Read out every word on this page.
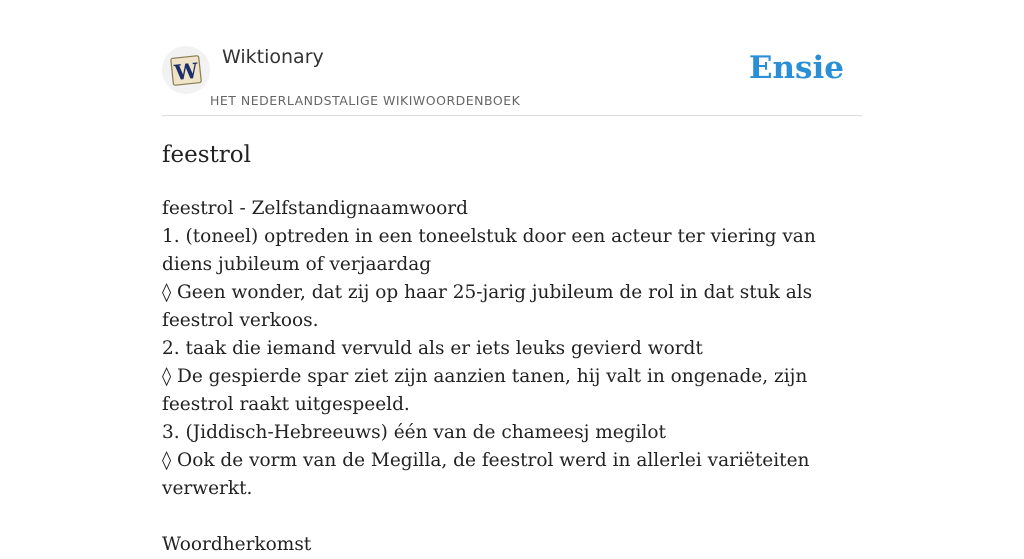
W
Wiktionary
HET NEDERLANDSTALIGE WIKIWOORDENBOEK
Ensie
feestrol
feestrol - Zelfstandignaamwoord
1. (toneel) optreden in een toneelstuk door een acteur ter viering van diens jubileum of verjaardag
◊ Geen wonder, dat zij op haar 25-jarig jubileum de rol in dat stuk als feestrol verkoos.
2. taak die iemand vervuld als er iets leuks gevierd wordt
◊ De gespierde spar ziet zijn aanzien tanen, hij valt in ongenade, zijn feestrol raakt uitgespeeld.
3. (Jiddisch-Hebreeuws) één van de chameesj megilot
◊ Ook de vorm van de Megilla, de feestrol werd in allerlei variëteiten verwerkt.
Woordherkomst
